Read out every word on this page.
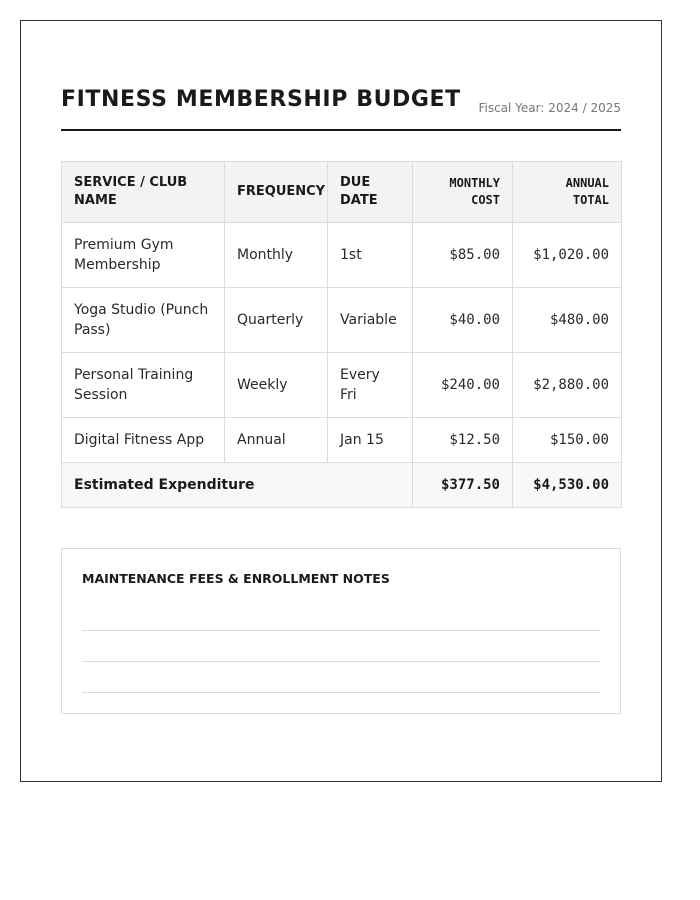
FITNESS MEMBERSHIP BUDGET Fiscal Year: 2024 / 2025
SERVICE / CLUB NAME	FREQUENCY	DUE DATE	MONTHLY COST	ANNUAL TOTAL
Premium Gym Membership	Monthly	1st	$85.00	$1,020.00
Yoga Studio (Punch Pass)	Quarterly	Variable	$40.00	$480.00
Personal Training Session	Weekly	Every Fri	$240.00	$2,880.00
Digital Fitness App	Annual	Jan 15	$12.50	$150.00
Estimated Expenditure			$377.50	$4,530.00
MAINTENANCE FEES & ENROLLMENT NOTES
